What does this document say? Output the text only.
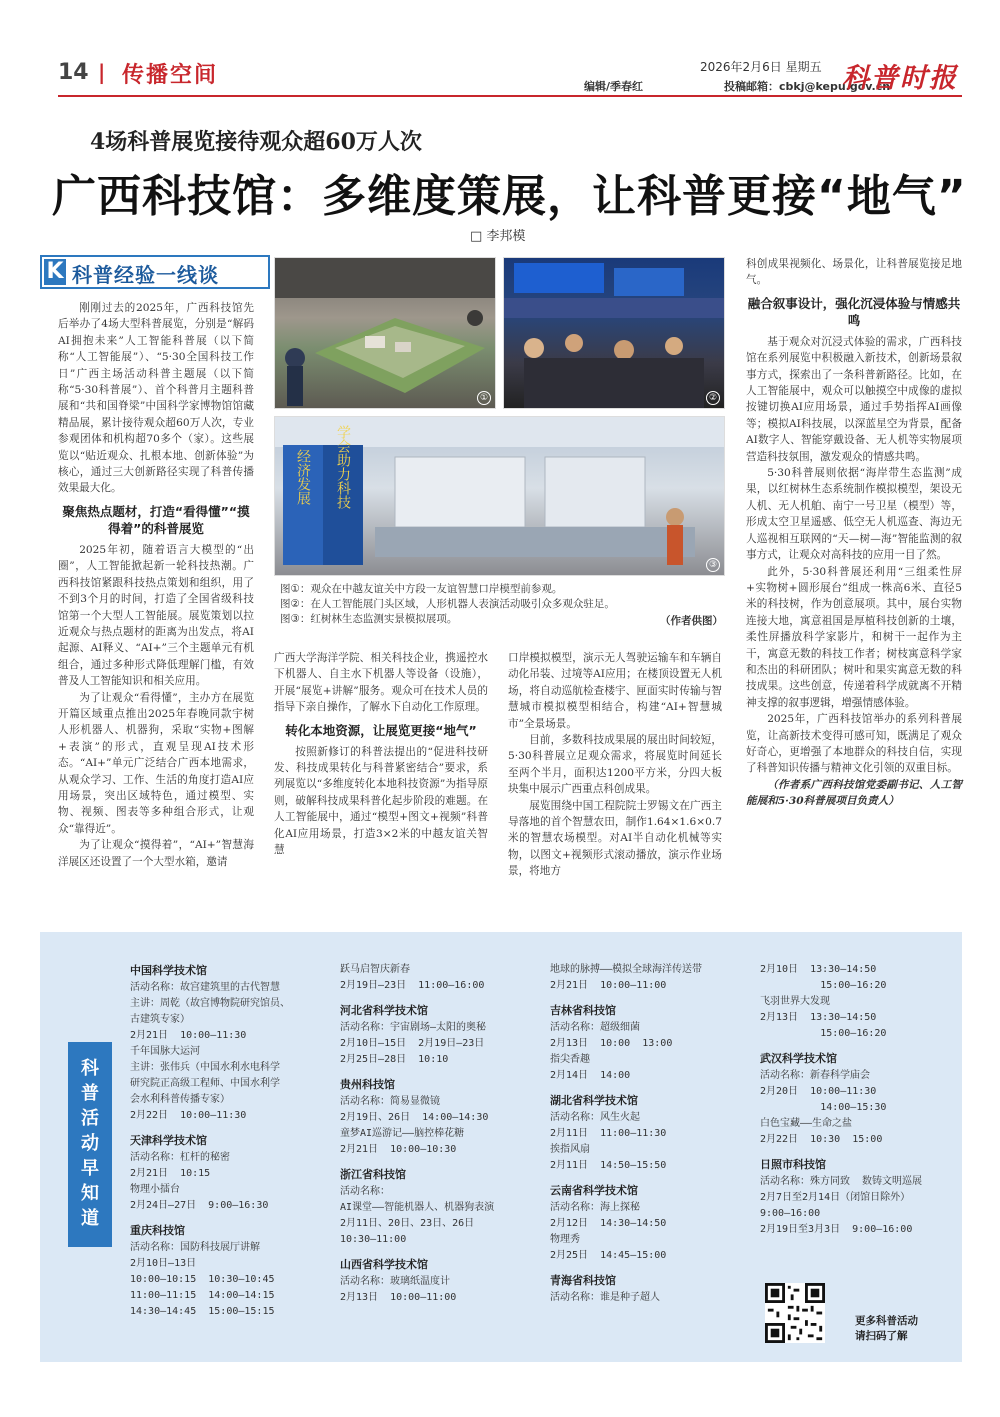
14 | 传播空间	2026年2月6日 星期五
编辑/季春红	投稿邮箱：cbkj@kepu.gov.cn
科普时报
4场科普展览接待观众超60万人次
广西科技馆：多维度策展，让科普更接“地气”
□ 李邦模
K 科普经验一线谈

刚刚过去的2025年，广西科技馆先后举办了4场大型科普展览，分别是“解码AI拥抱未来”人工智能科普展（以下简称“人工智能展”）、“5·30全国科技工作日”广西主场活动科普主题展（以下简称“5·30科普展”）、首个科普月主题科普展和“共和国脊梁”中国科学家博物馆馆藏精品展，累计接待观众超60万人次，专业参观团体和机构超70多个（家）。这些展览以“贴近观众、扎根本地、创新体验”为核心，通过三大创新路径实现了科普传播效果最大化。

聚焦热点题材，打造“看得懂”“摸得着”的科普展览

2025年初，随着语言大模型的“出圈”，人工智能掀起新一轮科技热潮。广西科技馆紧跟科技热点策划和组织，用了不到3个月的时间，打造了全国省级科技馆第一个大型人工智能展。展览策划以拉近观众与热点题材的距离为出发点，将AI起源、AI释义、“AI+”三个主题单元有机组合，通过多种形式降低理解门槛，有效普及人工智能知识和相关应用。

为了让观众“看得懂”，主办方在展览开篇区域重点推出2025年春晚同款宇树人形机器人、机器狗，采取“实物+图解+表演”的形式，直观呈现AI技术形态。“AI+”单元广泛结合广西本地需求，从观众学习、工作、生活的角度打造AI应用场景，突出区域特色，通过模型、实物、视频、图表等多种组合形式，让观众“靠得近”。

为了让观众“摸得着”，“AI+”智慧海洋展区还设置了一个大型水箱，邀请

①	②
经济发展 学会助力科技
③
图①：观众在中越友谊关中方段一友谊智慧口岸模型前参观。
图②：在人工智能展门头区域，人形机器人表演活动吸引众多观众驻足。
图③：红树林生态监测实景模拟展项。	（作者供图）

广西大学海洋学院、相关科技企业，携遥控水下机器人、自主水下机器人等设备（设施），开展“展览+讲解”服务。观众可在技术人员的指导下亲自操作，了解水下自动化工作原理。

转化本地资源，让展览更接“地气”

按照新修订的科普法提出的“促进科技研发、科技成果转化与科普紧密结合”要求，系列展览以“多维度转化本地科技资源”为指导原则，破解科技成果科普化起步阶段的难题。在人工智能展中，通过“模型+图文+视频”科普化AI应用场景，打造3×2米的中越友谊关智慧

口岸模拟模型，演示无人驾驶运输车和车辆自动化吊装、过境等AI应用；在楼顶设置无人机场，将自动巡航检查楼宇、匣面实时传输与智慧城市模拟模型相结合，构建“AI+智慧城市”全景场景。

目前，多数科技成果展的展出时间较短，5·30科普展立足观众需求，将展览时间延长至两个半月，面积达1200平方米，分四大板块集中展示广西重点科创成果。

展览围绕中国工程院院士罗锡文在广西主导落地的首个智慧农田，制作1.64×1.6×0.7米的智慧农场模型。对AI半自动化机械等实物，以图文+视频形式滚动播放，演示作业场景，将地方

科创成果视频化、场景化，让科普展览接足地气。

融合叙事设计，强化沉浸体验与情感共鸣

基于观众对沉浸式体验的需求，广西科技馆在系列展览中积极融入新技术，创新场景叙事方式，探索出了一条科普新路径。比如，在人工智能展中，观众可以触摸空中成像的虚拟按键切换AI应用场景，通过手势指挥AI画像等；模拟AI科技展，以深蓝星空为背景，配备AI数字人、智能穿戴设备、无人机等实物展项营造科技氛围，激发观众的情感共鸣。

5·30科普展则依据“海岸带生态监测”成果，以红树林生态系统制作模拟模型，架设无人机、无人机舶、南宁一号卫星（模型）等，形成太空卫星遥感、低空无人机巡查、海边无人巡视相互联网的“天—树—海”智能监测的叙事方式，让观众对高科技的应用一目了然。

此外，5·30科普展还利用“三组柔性屏+实物树+圆形展台”组成一株高6米、直径5米的科技树，作为创意展项。其中，展台实物连接大地，寓意祖国是厚植科技创新的土壤，柔性屏播放科学家影片，和树干一起作为主干，寓意无数的科技工作者；树枝寓意科学家和杰出的科研团队；树叶和果实寓意无数的科技成果。这些创意，传递着科学成就离不开精神支撑的叙事逻辑，增强情感体验。

2025年，广西科技馆举办的系列科普展览，让高新技术变得可感可知，既满足了观众好奇心，更增强了本地群众的科技自信，实现了科普知识传播与精神文化引领的双重目标。

（作者系广西科技馆党委副书记、人工智能展和5·30科普展项目负责人）

科普活动早知道
中国科学技术馆
活动名称：故宫建筑里的古代智慧
主讲：周乾（故宫博物院研究馆员、
古建筑专家）
2月21日  10:00—11:30
千年国脉大运河
主讲：张伟兵（中国水利水电科学
研究院正高级工程师、中国水利学
会水利科普传播专家）
2月22日  10:00—11:30
天津科学技术馆
活动名称：杠杆的秘密
2月21日  10:15
物理小擂台
2月24日—27日  9:00—16:30
重庆科技馆
活动名称：国防科技展厅讲解
2月10日—13日
10:00—10:15  10:30—10:45
11:00—11:15  14:00—14:15
14:30—14:45  15:00—15:15
跃马启智庆新春
2月19日—23日  11:00—16:00
河北省科学技术馆
活动名称：宇宙剧场—太阳的奥秘
2月10日—15日  2月19日—23日
2月25日—28日  10:10
贵州科技馆
活动名称：简易显微镜
2月19日、26日  14:00—14:30
童梦AI巡游记——脑控棒花糖
2月21日  10:00—10:30
浙江省科技馆
活动名称：
AI课堂——智能机器人、机器狗表演
2月11日、20日、23日、26日
10:30—11:00
山西省科学技术馆
活动名称：玻璃纸温度计
2月13日  10:00—11:00
地球的脉搏——模拟全球海洋传送带
2月21日  10:00—11:00
吉林省科技馆
活动名称：超级细菌
2月13日  10:00  13:00
指尖香趣
2月14日  14:00
湖北省科学技术馆
活动名称：风生火起
2月11日  11:00—11:30
挨指风扇
2月11日  14:50—15:50
云南省科学技术馆
活动名称：海上探秘
2月12日  14:30—14:50
物理秀
2月25日  14:45—15:00
青海省科技馆
活动名称：谁是种子超人
2月10日  13:30—14:50
15:00—16:20
飞羽世界大发现
2月13日  13:30—14:50
15:00—16:20
武汉科学技术馆
活动名称：新春科学庙会
2月20日  10:00—11:30
14:00—15:30
白色宝藏——生命之盐
2月22日  10:30  15:00
日照市科技馆
活动名称：殊方同致  数铸文明巡展
2月7日至2月14日（闭馆日除外）
9:00—16:00
2月19日至3月3日  9:00—16:00
更多科普活动
请扫码了解
